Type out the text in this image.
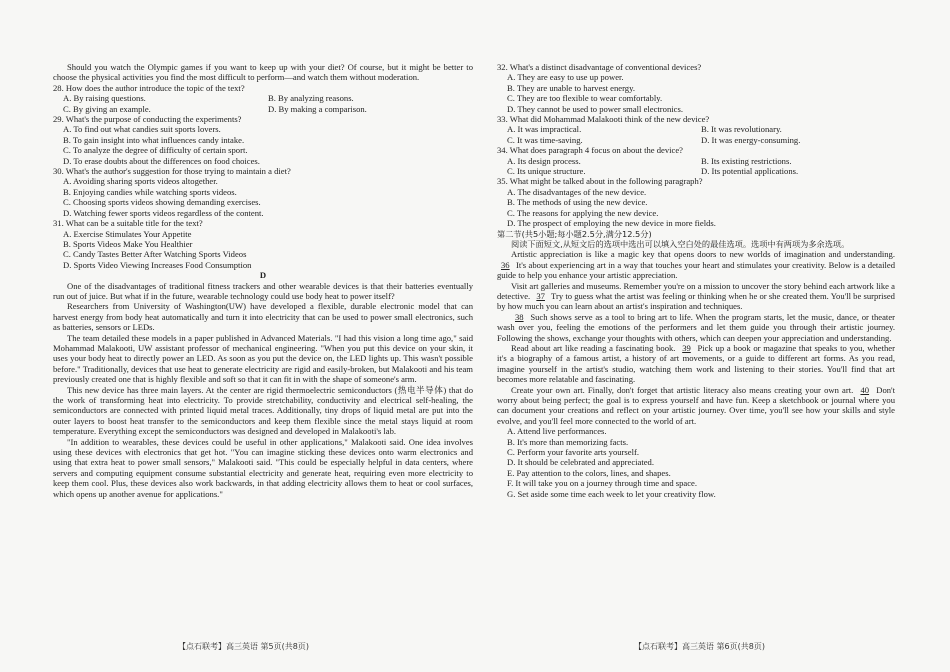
Should you watch the Olympic games if you want to keep up with your diet? Of course, but it might be better to choose the physical activities you find the most difficult to perform—and watch them without moderation.

28. How does the author introduce the topic of the text?

A. By raising questions.	B. By analyzing reasons.
C. By giving an example.	D. By making a comparison.

29. What's the purpose of conducting the experiments?

A. To find out what candies suit sports lovers.

B. To gain insight into what influences candy intake.

C. To analyze the degree of difficulty of certain sport.

D. To erase doubts about the differences on food choices.

30. What's the author's suggestion for those trying to maintain a diet?

A. Avoiding sharing sports videos altogether.

B. Enjoying candies while watching sports videos.

C. Choosing sports videos showing demanding exercises.

D. Watching fewer sports videos regardless of the content.

31. What can be a suitable title for the text?

A. Exercise Stimulates Your Appetite

B. Sports Videos Make You Healthier

C. Candy Tastes Better After Watching Sports Videos

D. Sports Video Viewing Increases Food Consumption

D

One of the disadvantages of traditional fitness trackers and other wearable devices is that their batteries eventually run out of juice. But what if in the future, wearable technology could use body heat to power itself?

Researchers from University of Washington(UW) have developed a flexible, durable electronic model that can harvest energy from body heat automatically and turn it into electricity that can be used to power small electronics, such as batteries, sensors or LEDs.

The team detailed these models in a paper published in Advanced Materials. "I had this vision a long time ago," said Mohammad Malakooti, UW assistant professor of mechanical engineering. "When you put this device on your skin, it uses your body heat to directly power an LED. As soon as you put the device on, the LED lights up. This wasn't possible before." Traditionally, devices that use heat to generate electricity are rigid and easily-broken, but Malakooti and his team previously created one that is highly flexible and soft so that it can fit in with the shape of someone's arm.

This new device has three main layers. At the center are rigid thermoelectric semiconductors (热电半导体) that do the work of transforming heat into electricity. To provide stretchability, conductivity and electrical self-healing, the semiconductors are connected with printed liquid metal traces. Additionally, tiny drops of liquid metal are put into the outer layers to boost heat transfer to the semiconductors and keep them flexible since the metal stays liquid at room temperature. Everything except the semiconductors was designed and developed in Malakooti's lab.

"In addition to wearables, these devices could be useful in other applications," Malakooti said. One idea involves using these devices with electronics that get hot. "You can imagine sticking these devices onto warm electronics and using that extra heat to power small sensors," Malakooti said. "This could be especially helpful in data centers, where servers and computing equipment consume substantial electricity and generate heat, requiring even more electricity to keep them cool. Plus, these devices also work backwards, in that adding electricity allows them to heat or cool surfaces, which opens up another avenue for applications."

32. What's a distinct disadvantage of conventional devices?

A. They are easy to use up power.

B. They are unable to harvest energy.

C. They are too flexible to wear comfortably.

D. They cannot be used to power small electronics.

33. What did Mohammad Malakooti think of the new device?

A. It was impractical.	B. It was revolutionary.
C. It was time-saving.	D. It was energy-consuming.

34. What does paragraph 4 focus on about the device?

A. Its design process.	B. Its existing restrictions.
C. Its unique structure.	D. Its potential applications.

35. What might be talked about in the following paragraph?

A. The disadvantages of the new device.

B. The methods of using the new device.

C. The reasons for applying the new device.

D. The prospect of employing the new device in more fields.

第二节(共5小题;每小题2.5分,满分12.5分)

阅读下面短文,从短文后的选项中选出可以填入空白处的最佳选项。选项中有两项为多余选项。

Artistic appreciation is like a magic key that opens doors to new worlds of imagination and understanding. 36 It's about experiencing art in a way that touches your heart and stimulates your creativity. Below is a detailed guide to help you enhance your artistic appreciation.

Visit art galleries and museums. Remember you're on a mission to uncover the story behind each artwork like a detective. 37 Try to guess what the artist was feeling or thinking when he or she created them. You'll be surprised by how much you can learn about an artist's inspiration and techniques.

38 Such shows serve as a tool to bring art to life. When the program starts, let the music, dance, or theater wash over you, feeling the emotions of the performers and let them guide you through their artistic journey. Following the shows, exchange your thoughts with others, which can deepen your appreciation and understanding.

Read about art like reading a fascinating book. 39 Pick up a book or magazine that speaks to you, whether it's a biography of a famous artist, a history of art movements, or a guide to different art forms. As you read, imagine yourself in the artist's studio, watching them work and listening to their stories. You'll find that art becomes more relatable and fascinating.

Create your own art. Finally, don't forget that artistic literacy also means creating your own art. 40 Don't worry about being perfect; the goal is to express yourself and have fun. Keep a sketchbook or journal where you can document your creations and reflect on your artistic journey. Over time, you'll see how your skills and style evolve, and you'll feel more connected to the world of art.

A. Attend live performances.

B. It's more than memorizing facts.

C. Perform your favorite arts yourself.

D. It should be celebrated and appreciated.

E. Pay attention to the colors, lines, and shapes.

F. It will take you on a journey through time and space.

G. Set aside some time each week to let your creativity flow.

【点石联考】高三英语 第5页(共8页)	【点石联考】高三英语 第6页(共8页)
